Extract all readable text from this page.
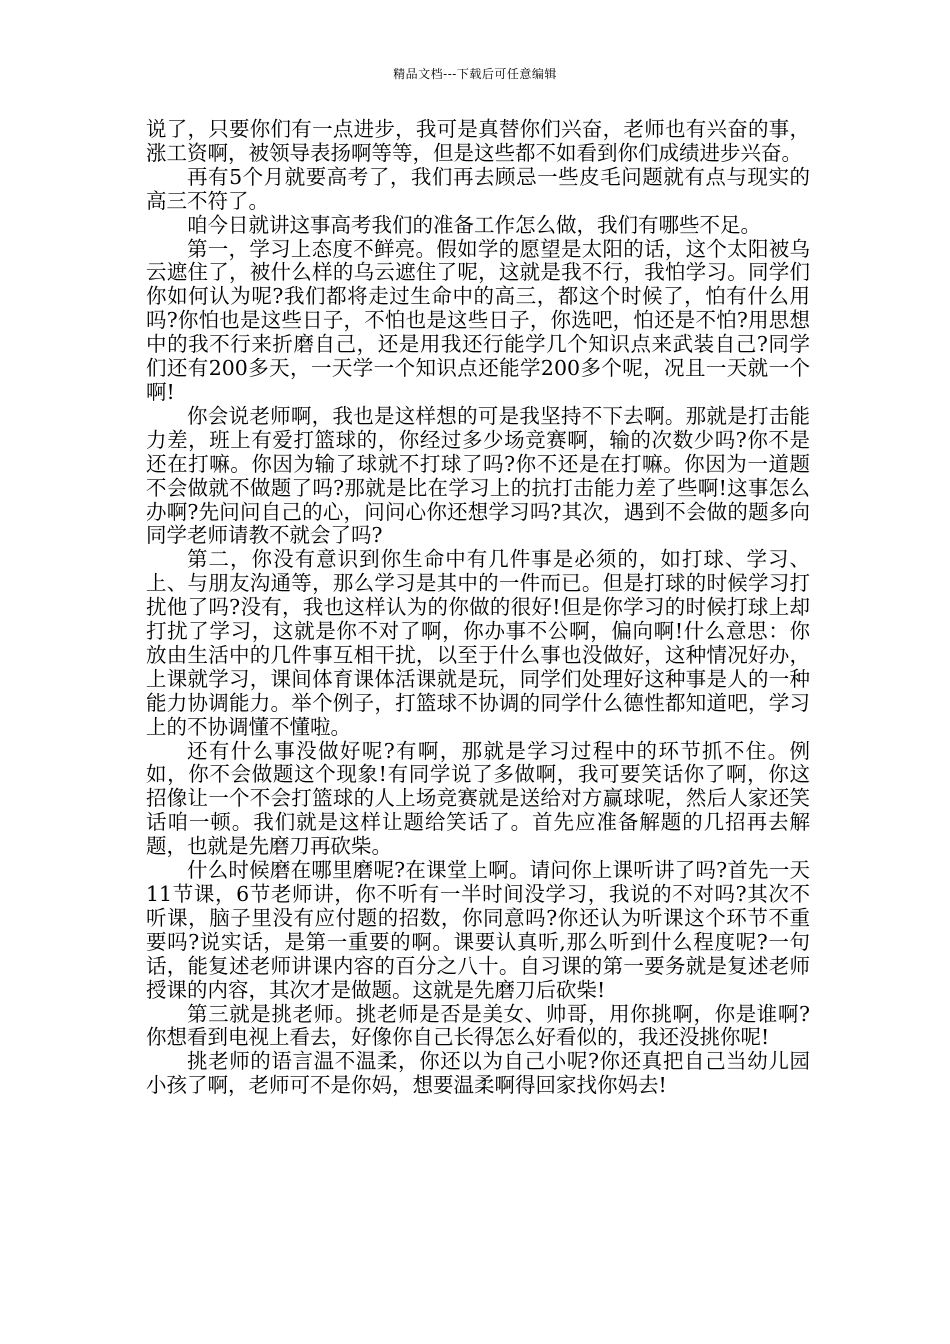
精品文档---下载后可任意编辑

说了，只要你们有一点进步，我可是真替你们兴奋，老师也有兴奋的事，涨工资啊，被领导表扬啊等等，但是这些都不如看到你们成绩进步兴奋。

再有5个月就要高考了，我们再去顾忌一些皮毛问题就有点与现实的高三不符了。

咱今日就讲这事高考我们的准备工作怎么做，我们有哪些不足。

第一，学习上态度不鲜亮。假如学的愿望是太阳的话，这个太阳被乌云遮住了，被什么样的乌云遮住了呢，这就是我不行，我怕学习。同学们你如何认为呢?我们都将走过生命中的高三，都这个时候了，怕有什么用吗?你怕也是这些日子，不怕也是这些日子，你选吧，怕还是不怕?用思想中的我不行来折磨自己，还是用我还行能学几个知识点来武装自己?同学们还有200多天，一天学一个知识点还能学200多个呢，况且一天就一个啊!

你会说老师啊，我也是这样想的可是我坚持不下去啊。那就是打击能力差，班上有爱打篮球的，你经过多少场竞赛啊，输的次数少吗?你不是还在打嘛。你因为输了球就不打球了吗?你不还是在打嘛。你因为一道题不会做就不做题了吗?那就是比在学习上的抗打击能力差了些啊!这事怎么办啊?先问问自己的心，问问心你还想学习吗?其次，遇到不会做的题多向同学老师请教不就会了吗?

第二，你没有意识到你生命中有几件事是必须的，如打球、学习、上、与朋友沟通等，那么学习是其中的一件而已。但是打球的时候学习打扰他了吗?没有，我也这样认为的你做的很好!但是你学习的时候打球上却打扰了学习，这就是你不对了啊，你办事不公啊，偏向啊!什么意思：你放由生活中的几件事互相干扰，以至于什么事也没做好，这种情况好办，上课就学习，课间体育课体活课就是玩，同学们处理好这种事是人的一种能力协调能力。举个例子，打篮球不协调的同学什么德性都知道吧，学习上的不协调懂不懂啦。

还有什么事没做好呢?有啊，那就是学习过程中的环节抓不住。例如，你不会做题这个现象!有同学说了多做啊，我可要笑话你了啊，你这招像让一个不会打篮球的人上场竞赛就是送给对方赢球呢，然后人家还笑话咱一顿。我们就是这样让题给笑话了。首先应准备解题的几招再去解题，也就是先磨刀再砍柴。

什么时候磨在哪里磨呢?在课堂上啊。请问你上课听讲了吗?首先一天11节课，6节老师讲，你不听有一半时间没学习，我说的不对吗?其次不听课，脑子里没有应付题的招数，你同意吗?你还认为听课这个环节不重要吗?说实话，是第一重要的啊。课要认真听,那么听到什么程度呢?一句话，能复述老师讲课内容的百分之八十。自习课的第一要务就是复述老师授课的内容，其次才是做题。这就是先磨刀后砍柴!

第三就是挑老师。挑老师是否是美女、帅哥，用你挑啊，你是谁啊?你想看到电视上看去，好像你自己长得怎么好看似的，我还没挑你呢!

挑老师的语言温不温柔，你还以为自己小呢?你还真把自己当幼儿园小孩了啊，老师可不是你妈，想要温柔啊得回家找你妈去!
